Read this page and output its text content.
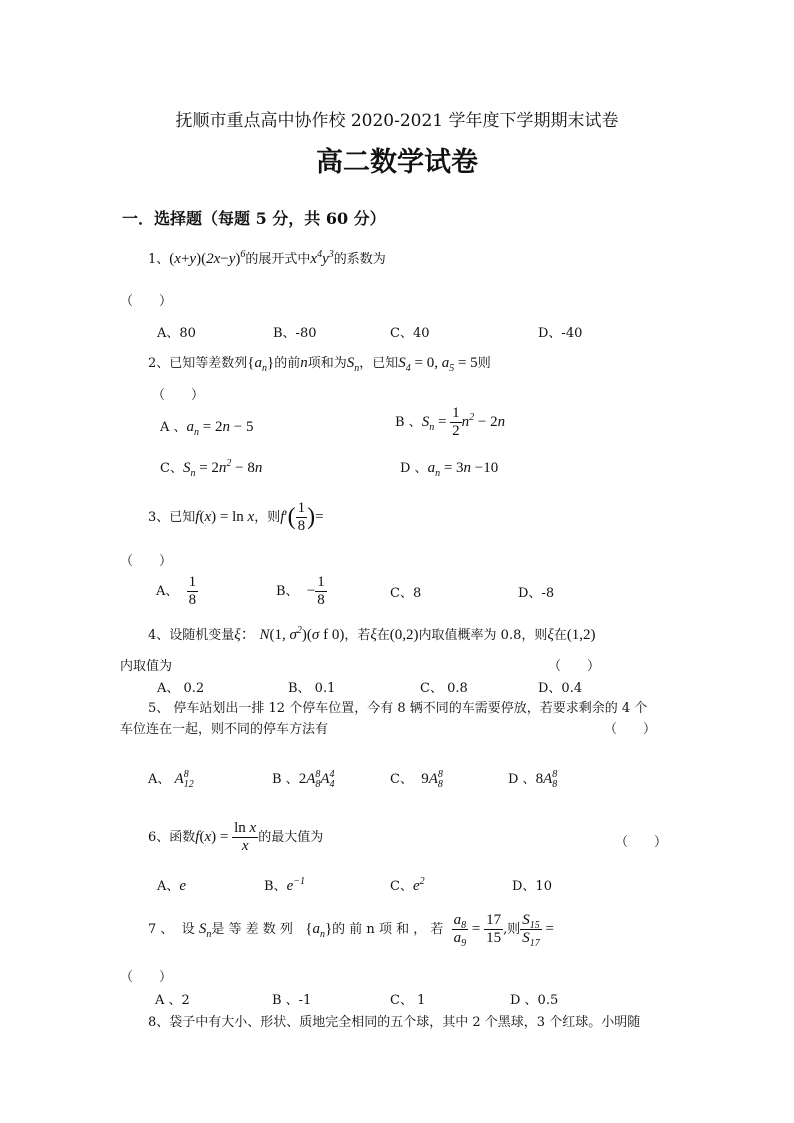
抚顺市重点高中协作校 2020-2021 学年度下学期期末试卷
高二数学试卷
一．选择题（每题 5 分，共 60 分）
1、$(x+y)(2x-y)^6$的展开式中$x^4y^3$的系数为
（　　）
A、80	B、-80	C、40	D、-40
2、已知等差数列$\{a_n\}$的前n项和为$S_n$，已知$S_4 = 0$, $a_5 = 5$则
（　　）
A 、$a_n = 2n - 5$	B 、$S_n = \frac{1}{2} n^2 - 2n$
C、$S_n = 2n^2 - 8n$	D 、$a_n = 3n -10$
3、已知f(x) = ln x，则$f'( \frac{1}{8}$ )=
（　　）
A、 $\frac{1}{8}$	B、 − $\frac{1}{8}$	C、8	D、-8
4、设随机变量ξ： N(1, $\sigma^2)(\sigma$ f 0)，若ξ在(0,2)内取值概率为 0.8，则ξ在(1,2)
内取值为	（　　）
A、 0.2	B、 0.1	C、 0.8	D、0.4
5、 停车站划出一排 12 个停车位置，今有 8 辆不同的车需要停放，若要求剩余的 4 个
车位连在一起，则不同的停车方法有	（　　）
A、 $A^8_{12}$	B 、$2A^8_8A^4_4$	C、 $9A^8_8$	D 、$8A^8_8$
6、函数$f(x) = \frac{\text{ln x}}{x}$ 的最大值为	（　　）
A、e	B、$e^{-1}$	C、$e^2$	D、10
7 、 设 $S_n$是 等 差 数 列 $\{a_n\}$的 前 n 项 和 ， 若 $\frac{a_8}{a_9} = \frac{17}{15}$ ,则 $\frac{S_{15}}{S_{17}}$ =
（　　）
A 、2	B 、-1	C、 1	D 、0.5
8、袋子中有大小、形状、质地完全相同的五个球，其中 2 个黑球，3 个红球。小明随
